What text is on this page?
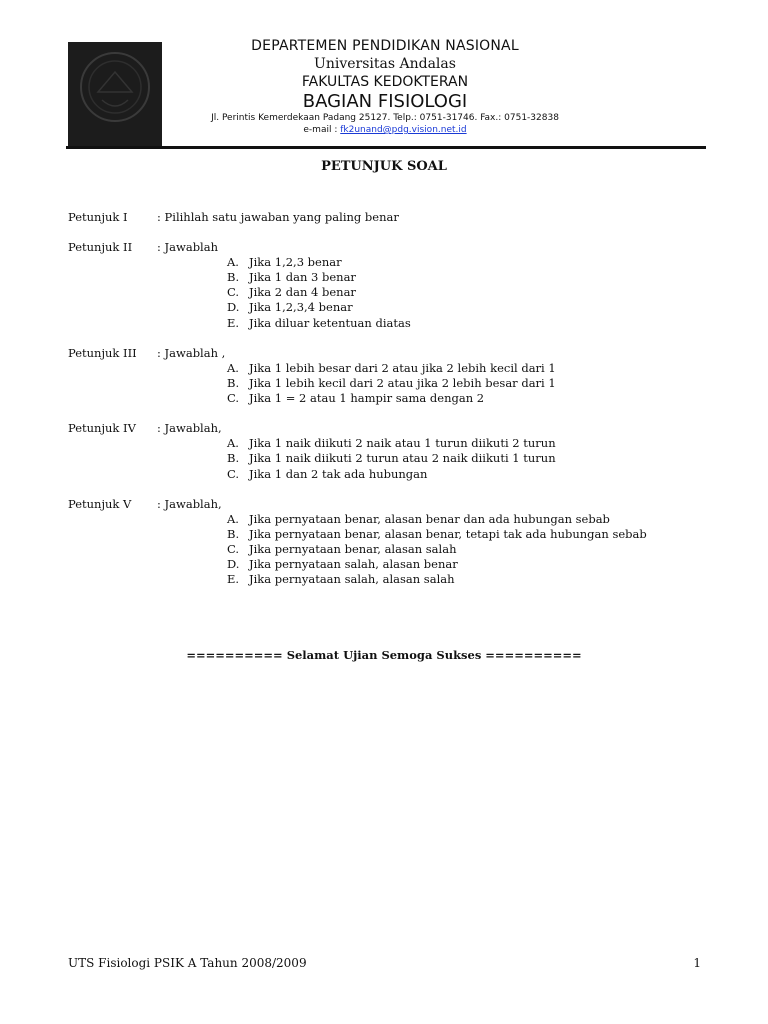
DEPARTEMEN PENDIDIKAN NASIONAL
Universitas Andalas
FAKULTAS KEDOKTERAN
BAGIAN FISIOLOGI
Jl. Perintis Kemerdekaan Padang 25127. Telp.: 0751-31746. Fax.: 0751-32838
e-mail : fk2unand@pdg.vision.net.id
PETUNJUK SOAL
Petunjuk I	: Pilihlah satu jawaban yang paling benar
Petunjuk II : Jawablah
A. Jika 1,2,3 benar
B. Jika 1 dan 3 benar
C. Jika 2 dan 4 benar
D. Jika 1,2,3,4 benar
E. Jika diluar ketentuan diatas
Petunjuk III : Jawablah ,
A. Jika 1 lebih besar dari 2 atau jika 2 lebih kecil dari 1
B. Jika 1 lebih kecil dari 2 atau jika 2 lebih besar dari 1
C. Jika 1 = 2 atau 1 hampir sama dengan 2
Petunjuk IV : Jawablah,
A. Jika 1 naik diikuti 2 naik atau 1 turun diikuti 2 turun
B. Jika 1 naik diikuti 2 turun atau 2 naik diikuti 1 turun
C. Jika 1 dan 2 tak ada hubungan
Petunjuk V : Jawablah,
A. Jika pernyataan benar, alasan benar dan ada hubungan sebab
B. Jika pernyataan benar, alasan benar, tetapi tak ada hubungan sebab
C. Jika pernyataan benar, alasan salah
D. Jika pernyataan salah, alasan benar
E. Jika pernyataan salah, alasan salah
========== Selamat Ujian Semoga Sukses ==========
UTS Fisiologi PSIK A Tahun 2008/2009	1
